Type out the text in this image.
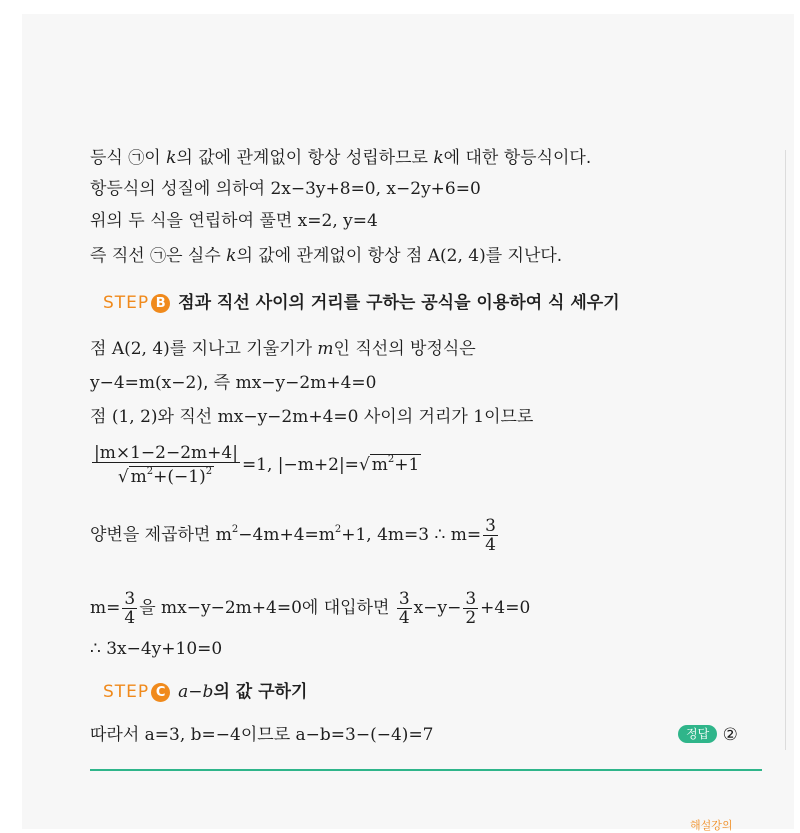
등식 ㉠이 k의 값에 관계없이 항상 성립하므로 k에 대한 항등식이다.
항등식의 성질에 의하여 2x−3y+8=0, x−2y+6=0
위의 두 식을 연립하여 풀면 x=2, y=4
즉 직선 ㉠은 실수 k의 값에 관계없이 항상 점 A(2, 4)를 지난다.
STEP B 점과 직선 사이의 거리를 구하는 공식을 이용하여 식 세우기
점 A(2, 4)를 지나고 기울기가 m인 직선의 방정식은
y−4=m(x−2), 즉 mx−y−2m+4=0
점 (1, 2)와 직선 mx−y−2m+4=0 사이의 거리가 1이므로
$\frac{|m\times 1-2-2m+4|}{√ m^2+(-1)^2} =1$, |−m+2|=√ $m^2+1$
양변을 제곱하면 $m^2-4m+4=m^2+1$, 4m=3 ∴ $m= \frac{3}{4}$
$m= \frac{3}{4}$ 을 mx−y−2m+4=0에 대입하면 $\frac{3}{4} x-y- \frac{3}{2} +4=0$
∴ 3x−4y+10=0
STEP C a−b의 값 구하기
따라서 a=3, b=−4이므로 a−b=3−(−4)=7	정답 ②
해설강의
